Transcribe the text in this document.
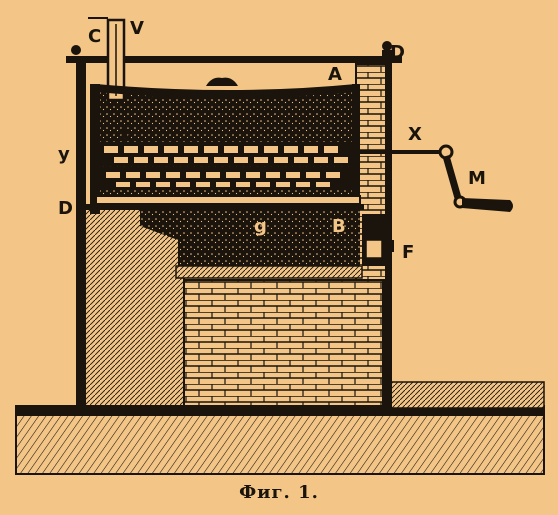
C V
A
D
S
y
X
M
D
g	B
F
Фиг. 1.
